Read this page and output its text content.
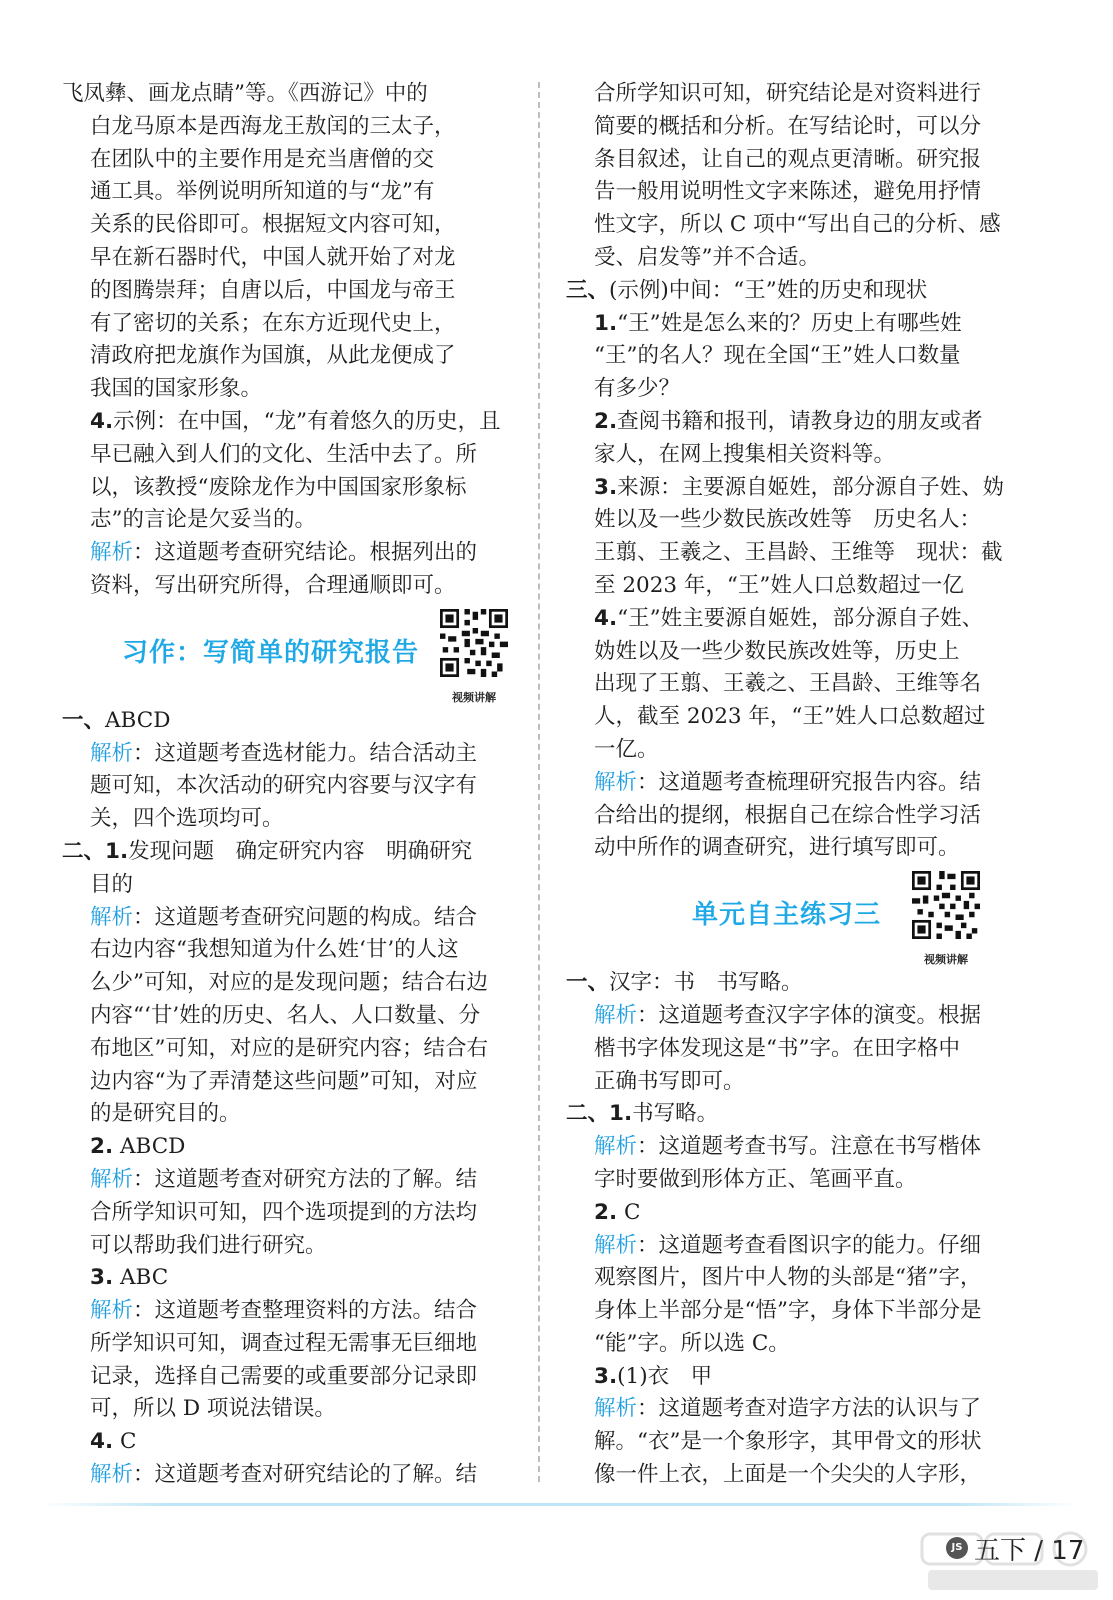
飞凤彝、画龙点睛”等。《西游记》中的

白龙马原本是西海龙王敖闰的三太子，

在团队中的主要作用是充当唐僧的交

通工具。举例说明所知道的与“龙”有

关系的民俗即可。根据短文内容可知，

早在新石器时代，中国人就开始了对龙

的图腾崇拜；自唐以后，中国龙与帝王

有了密切的关系；在东方近现代史上，

清政府把龙旗作为国旗，从此龙便成了

我国的国家形象。

4.示例：在中国，“龙”有着悠久的历史，且

早已融入到人们的文化、生活中去了。所

以，该教授“废除龙作为中国国家形象标

志”的言论是欠妥当的。

解析：这道题考查研究结论。根据列出的

资料，写出研究所得，合理通顺即可。

习作：写简单的研究报告
视频讲解

一、ABCD

解析：这道题考查选材能力。结合活动主

题可知，本次活动的研究内容要与汉字有

关，四个选项均可。

二、1.发现问题　确定研究内容　明确研究

目的

解析：这道题考查研究问题的构成。结合

右边内容“我想知道为什么姓‘甘’的人这

么少”可知，对应的是发现问题；结合右边

内容“‘甘’姓的历史、名人、人口数量、分

布地区”可知，对应的是研究内容；结合右

边内容“为了弄清楚这些问题”可知，对应

的是研究目的。

2. ABCD

解析：这道题考查对研究方法的了解。结

合所学知识可知，四个选项提到的方法均

可以帮助我们进行研究。

3. ABC

解析：这道题考查整理资料的方法。结合

所学知识可知，调查过程无需事无巨细地

记录，选择自己需要的或重要部分记录即

可，所以 D 项说法错误。

4. C

解析：这道题考查对研究结论的了解。结

合所学知识可知，研究结论是对资料进行

简要的概括和分析。在写结论时，可以分

条目叙述，让自己的观点更清晰。研究报

告一般用说明性文字来陈述，避免用抒情

性文字，所以 C 项中“写出自己的分析、感

受、启发等”并不合适。

三、(示例)中间：“王”姓的历史和现状

1.“王”姓是怎么来的？历史上有哪些姓

“王”的名人？现在全国“王”姓人口数量

有多少？

2.查阅书籍和报刊，请教身边的朋友或者

家人，在网上搜集相关资料等。

3.来源：主要源自姬姓，部分源自子姓、妫

姓以及一些少数民族改姓等　历史名人：

王翦、王羲之、王昌龄、王维等　现状：截

至 2023 年，“王”姓人口总数超过一亿

4.“王”姓主要源自姬姓，部分源自子姓、

妫姓以及一些少数民族改姓等，历史上

出现了王翦、王羲之、王昌龄、王维等名

人，截至 2023 年，“王”姓人口总数超过

一亿。

解析：这道题考查梳理研究报告内容。结

合给出的提纲，根据自己在综合性学习活

动中所作的调查研究，进行填写即可。

单元自主练习三
视频讲解

一、汉字：书　书写略。

解析：这道题考查汉字字体的演变。根据

楷书字体发现这是“书”字。在田字格中

正确书写即可。

二、1.书写略。

解析：这道题考查书写。注意在书写楷体

字时要做到形体方正、笔画平直。

2. C

解析：这道题考查看图识字的能力。仔细

观察图片，图片中人物的头部是“猪”字，

身体上半部分是“悟”字，身体下半部分是

“能”字。所以选 C。

3.(1)衣　甲

解析：这道题考查对造字方法的认识与了

解。“衣”是一个象形字，其甲骨文的形状

像一件上衣，上面是一个尖尖的人字形，

JS 五下 / 17
